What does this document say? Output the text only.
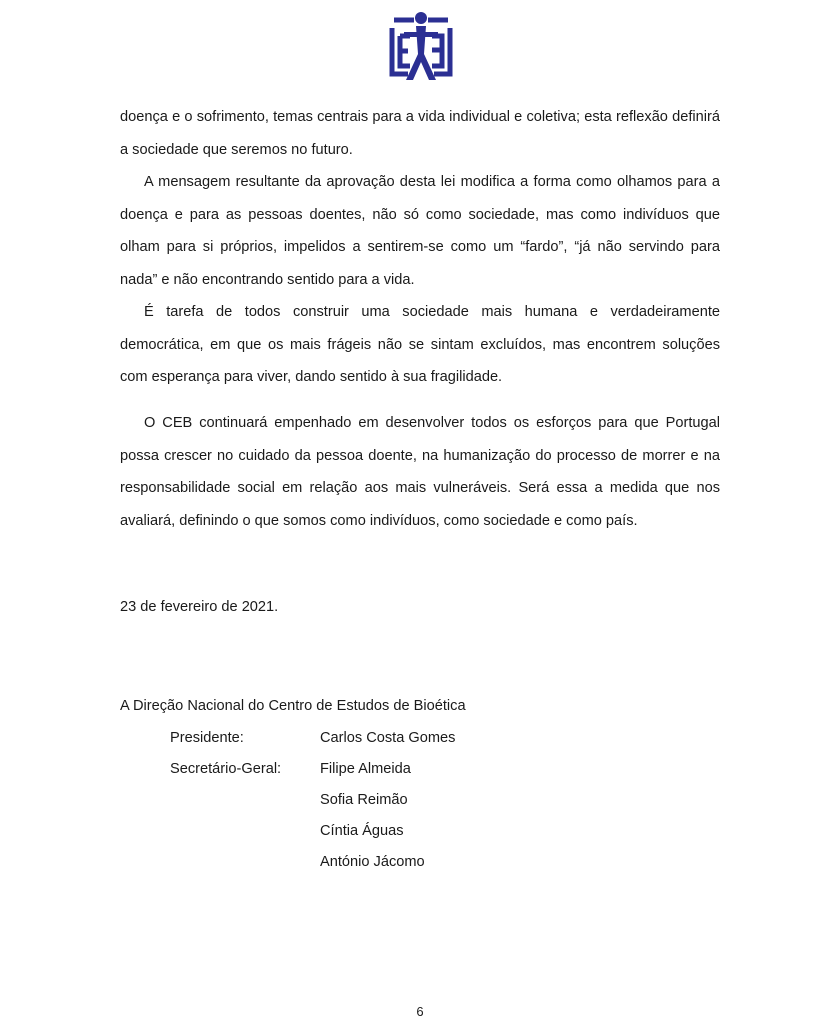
doença e o sofrimento, temas centrais para a vida individual e coletiva; esta reflexão definirá a sociedade que seremos no futuro.

A mensagem resultante da aprovação desta lei modifica a forma como olhamos para a doença e para as pessoas doentes, não só como sociedade, mas como indivíduos que olham para si próprios, impelidos a sentirem-se como um “fardo”, “já não servindo para nada” e não encontrando sentido para a vida.

É tarefa de todos construir uma sociedade mais humana e verdadeiramente democrática, em que os mais frágeis não se sintam excluídos, mas encontrem soluções com esperança para viver, dando sentido à sua fragilidade.

O CEB continuará empenhado em desenvolver todos os esforços para que Portugal possa crescer no cuidado da pessoa doente, na humanização do processo de morrer e na responsabilidade social em relação aos mais vulneráveis. Será essa a medida que nos avaliará, definindo o que somos como indivíduos, como sociedade e como país.

23 de fevereiro de 2021.
A Direção Nacional do Centro de Estudos de Bioética
Presidente:	Carlos Costa Gomes
Secretário-Geral:	Filipe Almeida
Sofia Reimão
Cíntia Águas
António Jácomo
6
